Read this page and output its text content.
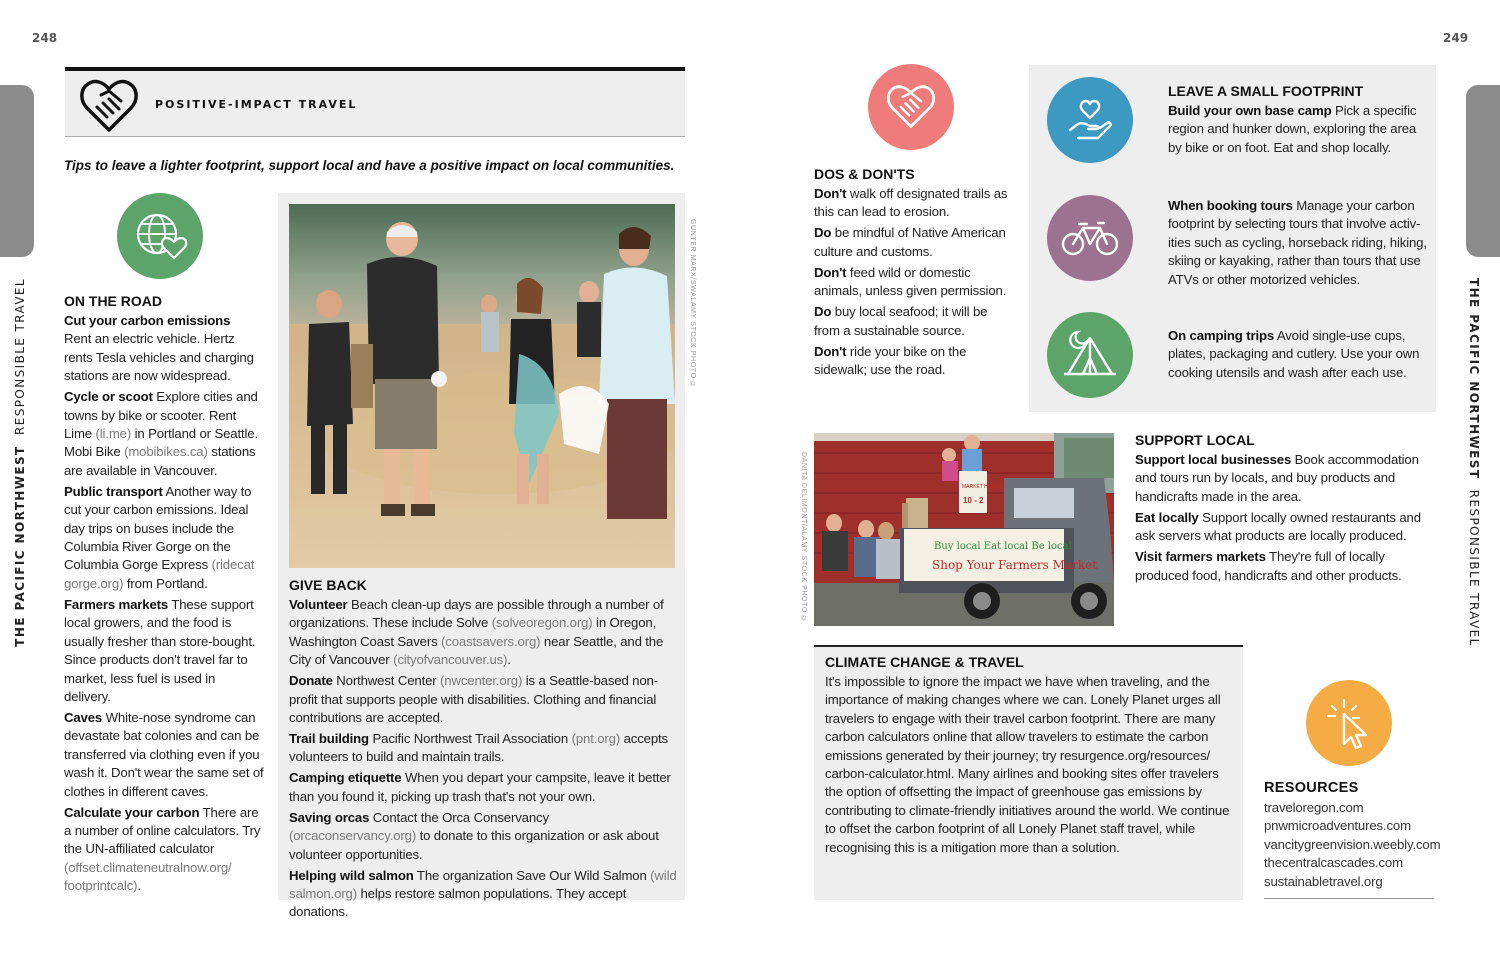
248	249
THE PACIFIC NORTHWEST  RESPONSIBLE TRAVEL	THE PACIFIC NORTHWEST  RESPONSIBLE TRAVEL
POSITIVE-IMPACT TRAVEL
Tips to leave a lighter footprint, support local and have a positive impact on local communities.
ON THE ROAD

Cut your carbon emissions
Rent an electric vehicle. Hertz rents Tesla vehicles and charging stations are now widespread.

Cycle or scoot Explore cities and towns by bike or scooter. Rent Lime (li.me) in Portland or Seattle. Mobi Bike (mobibikes.ca) stations are available in Vancouver.

Public transport Another way to cut your carbon emissions. Ideal day trips on buses include the Columbia River Gorge on the Columbia Gorge Express (ridecat gorge.org) from Portland.

Farmers markets These support local growers, and the food is usually fresher than store-bought. Since products don't travel far to market, less fuel is used in delivery.

Caves White-nose syndrome can devastate bat colonies and can be transferred via clothing even if you wash it. Don't wear the same set of clothes in different caves.

Calculate your carbon There are a number of online calculators. Try the UN-affiliated calculator (offset.climateneutralnow.org/ footprintcalc).

GUNTER MARX/SWALAMY STOCK PHOTO ©
GIVE BACK

Volunteer Beach clean-up days are possible through a number of organizations. These include Solve (solveoregon.org) in Oregon, Washington Coast Savers (coastsavers.org) near Seattle, and the City of Vancouver (cityofvancouver.us).

Donate Northwest Center (nwcenter.org) is a Seattle-based non-profit that supports people with disabilities. Clothing and financial contributions are accepted.

Trail building Pacific Northwest Trail Association (pnt.org) accepts volunteers to build and maintain trails.

Camping etiquette When you depart your campsite, leave it better than you found it, picking up trash that's not your own.

Saving orcas Contact the Orca Conservancy (orcaconservancy.org) to donate to this organization or ask about volunteer opportunities.

Helping wild salmon The organization Save Our Wild Salmon (wild salmon.org) helps restore salmon populations. They accept donations.

DOS & DON'TS

Don't walk off designated trails as this can lead to erosion.

Do be mindful of Native American culture and customs.

Don't feed wild or domestic animals, unless given permission.

Do buy local seafood; it will be from a sustainable source.

Don't ride your bike on the sidewalk; use the road.

LEAVE A SMALL FOOTPRINT

Build your own base camp Pick a specific region and hunker down, exploring the area by bike or on foot. Eat and shop locally.

When booking tours Manage your carbon footprint by selecting tours that involve activ-ities such as cycling, horseback riding, hiking, skiing or kayaking, rather than tours that use ATVs or other motorized vehicles.

On camping trips Avoid single-use cups, plates, packaging and cutlery. Use your own cooking utensils and wash after each use.

Buy local Eat local Be local
Shop Your Farmers Market
MARKET HOURS
10 - 2
DANITA DELIMONT/ALAMY STOCK PHOTO ©
SUPPORT LOCAL

Support local businesses Book accommodation and tours run by locals, and buy products and handicrafts made in the area.

Eat locally Support locally owned restaurants and ask servers what products are locally produced.

Visit farmers markets They're full of locally produced food, handicrafts and other products.

CLIMATE CHANGE & TRAVEL
It's impossible to ignore the impact we have when traveling, and the importance of making changes where we can. Lonely Planet urges all travelers to engage with their travel carbon footprint. There are many carbon calculators online that allow travelers to estimate the carbon emissions generated by their journey; try resurgence.org/resources/ carbon-calculator.html. Many airlines and booking sites offer travelers the option of offsetting the impact of greenhouse gas emissions by contributing to climate-friendly initiatives around the world. We continue to offset the carbon footprint of all Lonely Planet staff travel, while recognising this is a mitigation more than a solution.
RESOURCES
traveloregon.com
pnwmicroadventures.com
vancitygreenvision.weebly.com
thecentralcascades.com
sustainabletravel.org
